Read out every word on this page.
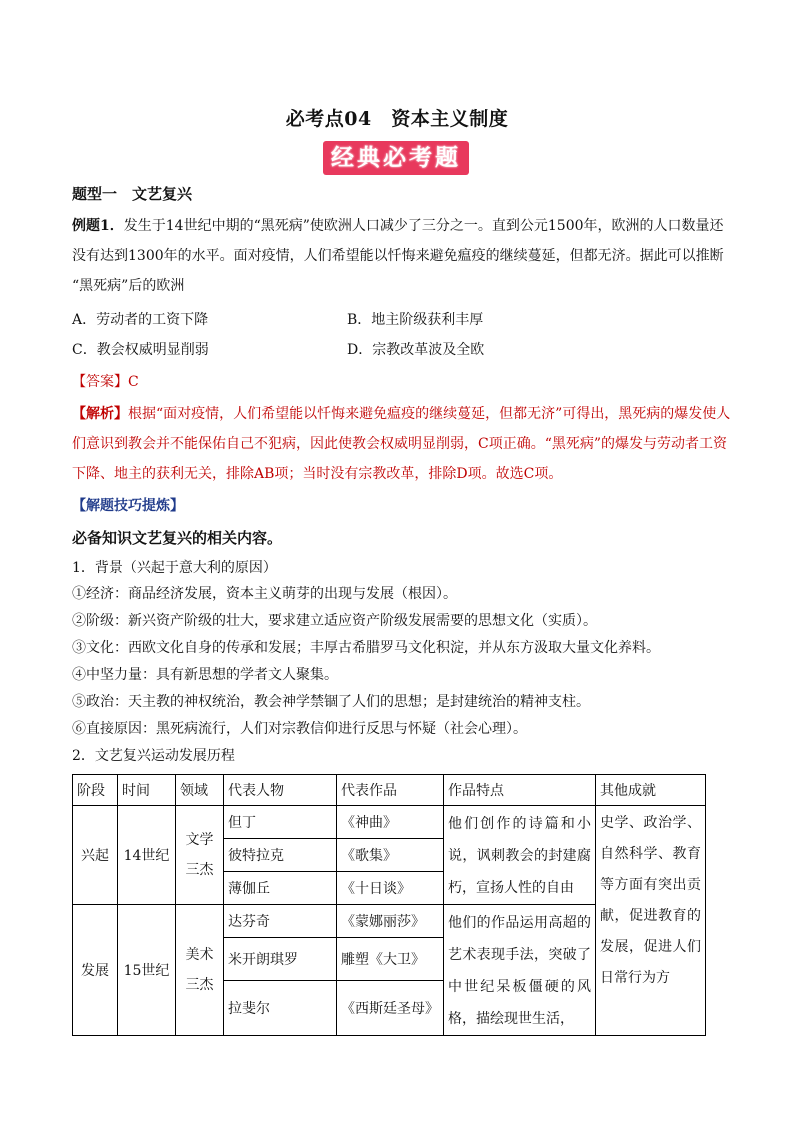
必考点04　资本主义制度
经典必考题
题型一　文艺复兴
例题1．发生于14世纪中期的“黑死病”使欧洲人口减少了三分之一。直到公元1500年，欧洲的人口数量还
没有达到1300年的水平。面对疫情，人们希望能以忏悔来避免瘟疫的继续蔓延，但都无济。据此可以推断
“黑死病”后的欧洲
A．劳动者的工资下降	B．地主阶级获利丰厚
C．教会权威明显削弱	D．宗教改革波及全欧
【答案】C
【解析】根据“面对疫情，人们希望能以忏悔来避免瘟疫的继续蔓延，但都无济”可得出，黑死病的爆发使人
们意识到教会并不能保佑自己不犯病，因此使教会权威明显削弱，C项正确。“黑死病”的爆发与劳动者工资
下降、地主的获利无关，排除AB项；当时没有宗教改革，排除D项。故选C项。
【解题技巧提炼】
必备知识文艺复兴的相关内容。
1．背景（兴起于意大利的原因）
①经济：商品经济发展，资本主义萌芽的出现与发展（根因）。
②阶级：新兴资产阶级的壮大，要求建立适应资产阶级发展需要的思想文化（实质）。
③文化：西欧文化自身的传承和发展；丰厚古希腊罗马文化积淀，并从东方汲取大量文化养料。
④中坚力量：具有新思想的学者文人聚集。
⑤政治：天主教的神权统治，教会神学禁锢了人们的思想；是封建统治的精神支柱。
⑥直接原因：黑死病流行，人们对宗教信仰进行反思与怀疑（社会心理）。
2．文艺复兴运动发展历程
阶段	时间	领域	代表人物	代表作品	作品特点	其他成就
兴起	14世纪	文学三杰	但丁	《神曲》	他们创作的诗篇和小说，讽刺教会的封建腐朽，宣扬人性的自由	史学、政治学、自然科学、教育等方面有突出贡献，促进教育的发展，促进人们日常行为方
			彼特拉克	《歌集》		
			薄伽丘	《十日谈》		
发展	15世纪	美术三杰	达芬奇	《蒙娜丽莎》	他们的作品运用高超的艺术表现手法，突破了中世纪呆板僵硬的风格，描绘现世生活，	
			米开朗琪罗	雕塑《大卫》		
			拉斐尔	《西斯廷圣母》		
